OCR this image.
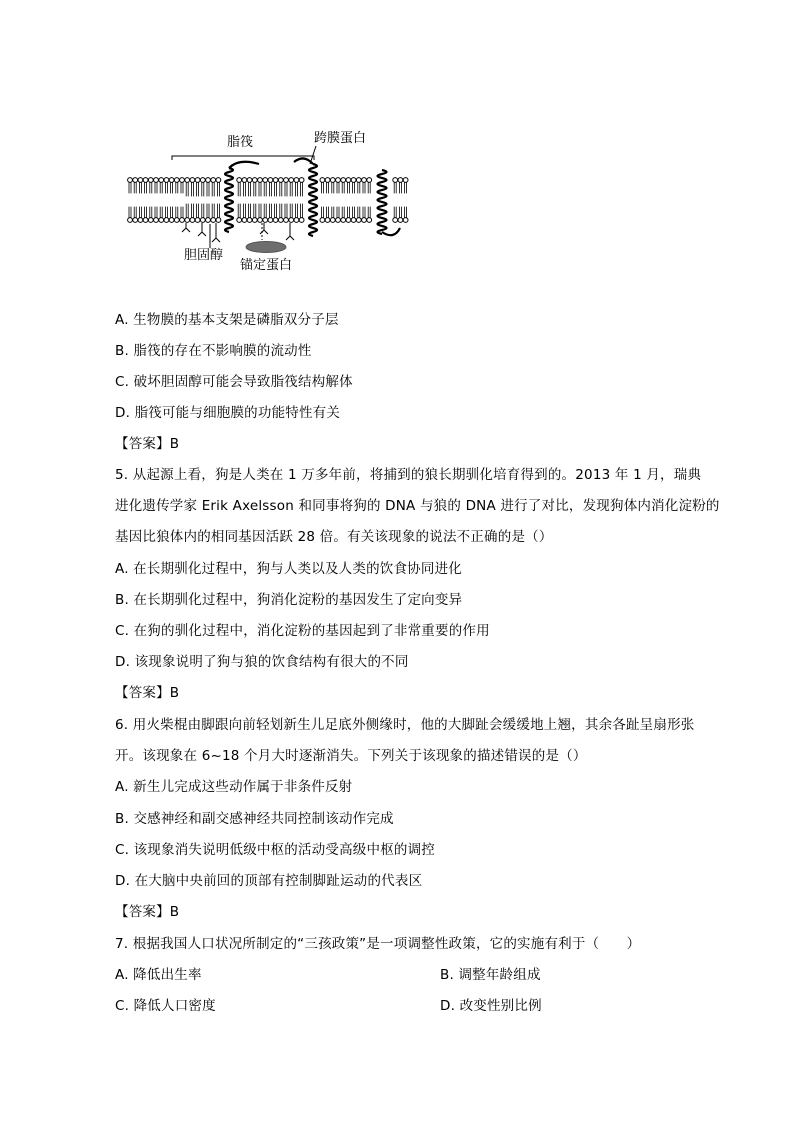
脂筏	跨膜蛋白
胆固醇
锚定蛋白
A. 生物膜的基本支架是磷脂双分子层
B. 脂筏的存在不影响膜的流动性
C. 破坏胆固醇可能会导致脂筏结构解体
D. 脂筏可能与细胞膜的功能特性有关
【答案】B
5. 从起源上看，狗是人类在 1 万多年前，将捕到的狼长期驯化培育得到的。2013 年 1 月，瑞典
进化遗传学家 Erik Axelsson 和同事将狗的 DNA 与狼的 DNA 进行了对比，发现狗体内消化淀粉的
基因比狼体内的相同基因活跃 28 倍。有关该现象的说法不正确的是（）
A. 在长期驯化过程中，狗与人类以及人类的饮食协同进化
B. 在长期驯化过程中，狗消化淀粉的基因发生了定向变异
C. 在狗的驯化过程中，消化淀粉的基因起到了非常重要的作用
D. 该现象说明了狗与狼的饮食结构有很大的不同
【答案】B
6. 用火柴棍由脚跟向前轻划新生儿足底外侧缘时，他的大脚趾会缓缓地上翘，其余各趾呈扇形张
开。该现象在 6~18 个月大时逐渐消失。下列关于该现象的描述错误的是（）
A. 新生儿完成这些动作属于非条件反射
B. 交感神经和副交感神经共同控制该动作完成
C. 该现象消失说明低级中枢的活动受高级中枢的调控
D. 在大脑中央前回的顶部有控制脚趾运动的代表区
【答案】B
7. 根据我国人口状况所制定的“三孩政策”是一项调整性政策，它的实施有利于（　　）
A. 降低出生率	B. 调整年龄组成
C. 降低人口密度	D. 改变性别比例
